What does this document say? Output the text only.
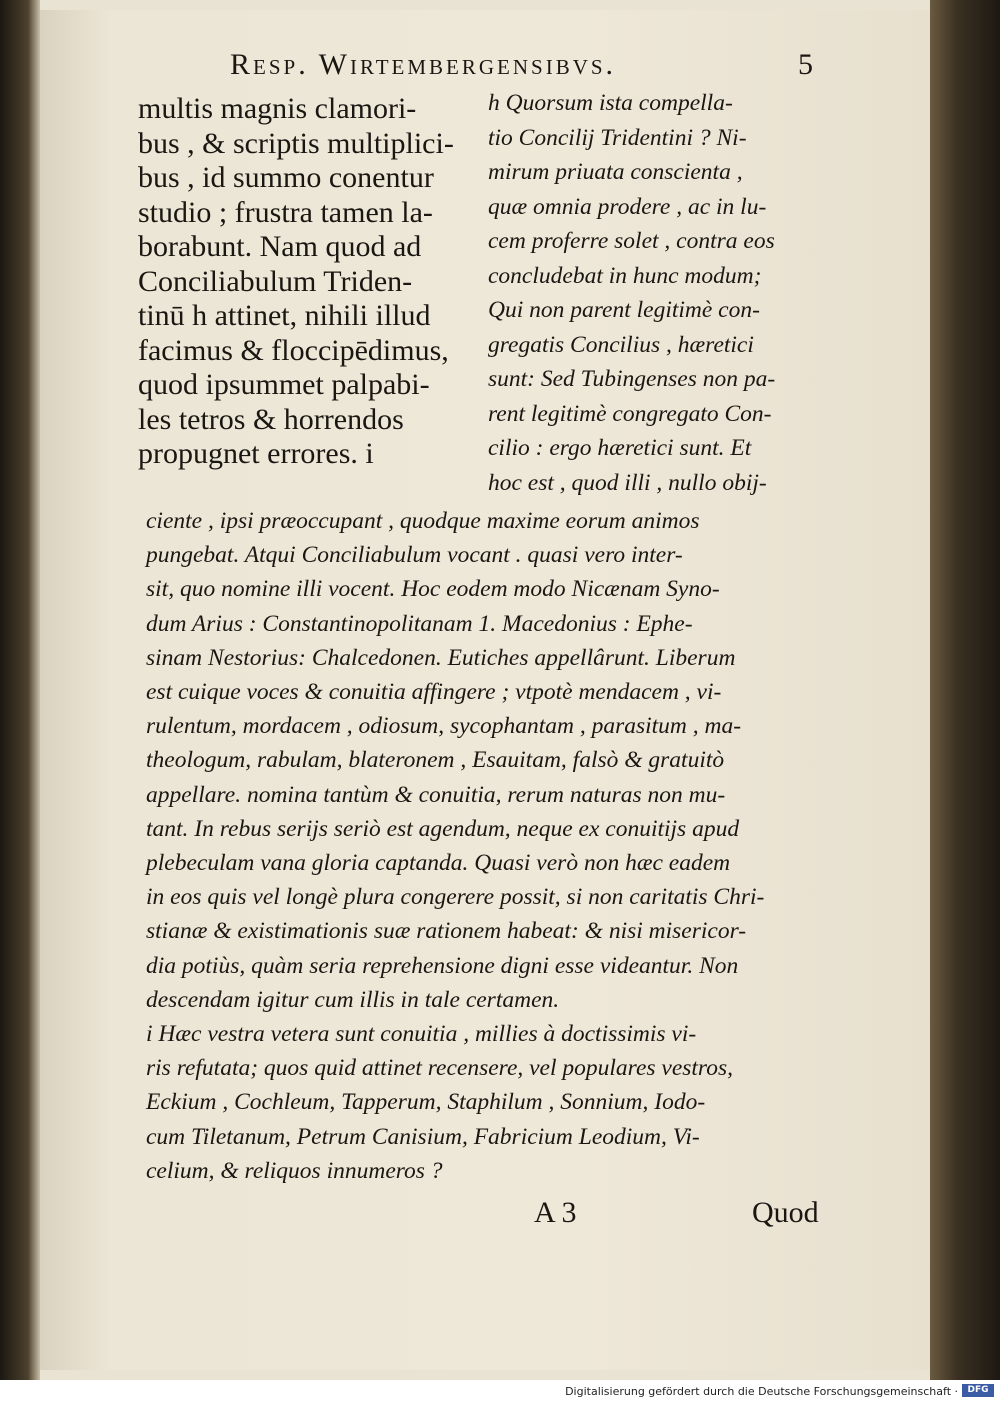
Resp. Wirtembergensibvs.	5
multis magnis clamori-
bus , & scriptis multiplici-
bus , id summo conentur
studio ; frustra tamen la-
borabunt. Nam quod ad
Conciliabulum Triden-
tinū h attinet, nihili illud
facimus & floccipēdimus,
quod ipsummet palpabi-
les tetros & horrendos
propugnet errores. i
h Quorsum ista compella-
tio Concilij Tridentini ? Ni-
mirum priuata conscienta ,
quæ omnia prodere , ac in lu-
cem proferre solet , contra eos
concludebat in hunc modum;
Qui non parent legitimè con-
gregatis Concilius , hæretici
sunt: Sed Tubingenses non pa-
rent legitimè congregato Con-
cilio : ergo hæretici sunt. Et
hoc est , quod illi , nullo obij-
ciente , ipsi præoccupant , quodque maxime eorum animos
pungebat. Atqui Conciliabulum vocant . quasi vero inter-
sit, quo nomine illi vocent. Hoc eodem modo Nicænam Syno-
dum Arius : Constantinopolitanam 1. Macedonius : Ephe-
sinam Nestorius: Chalcedonen. Eutiches appellârunt. Liberum
est cuique voces & conuitia affingere ; vtpotè mendacem , vi-
rulentum, mordacem , odiosum, sycophantam , parasitum , ma-
theologum, rabulam, blateronem , Esauitam, falsò & gratuitò
appellare. nomina tantùm & conuitia, rerum naturas non mu-
tant. In rebus serijs seriò est agendum, neque ex conuitijs apud
plebeculam vana gloria captanda. Quasi verò non hæc eadem
in eos quis vel longè plura congerere possit, si non caritatis Chri-
stianæ & existimationis suæ rationem habeat: & nisi misericor-
dia potiùs, quàm seria reprehensione digni esse videantur. Non
descendam igitur cum illis in tale certamen.
i Hæc vestra vetera sunt conuitia , millies à doctissimis vi-
ris refutata; quos quid attinet recensere, vel populares vestros,
Eckium , Cochleum, Tapperum, Staphilum , Sonnium, Iodo-
cum Tiletanum, Petrum Canisium, Fabricium Leodium, Vi-
celium, & reliquos innumeros ?
A 3	Quod
Digitalisierung gefördert durch die Deutsche Forschungsgemeinschaft ·	DFG
